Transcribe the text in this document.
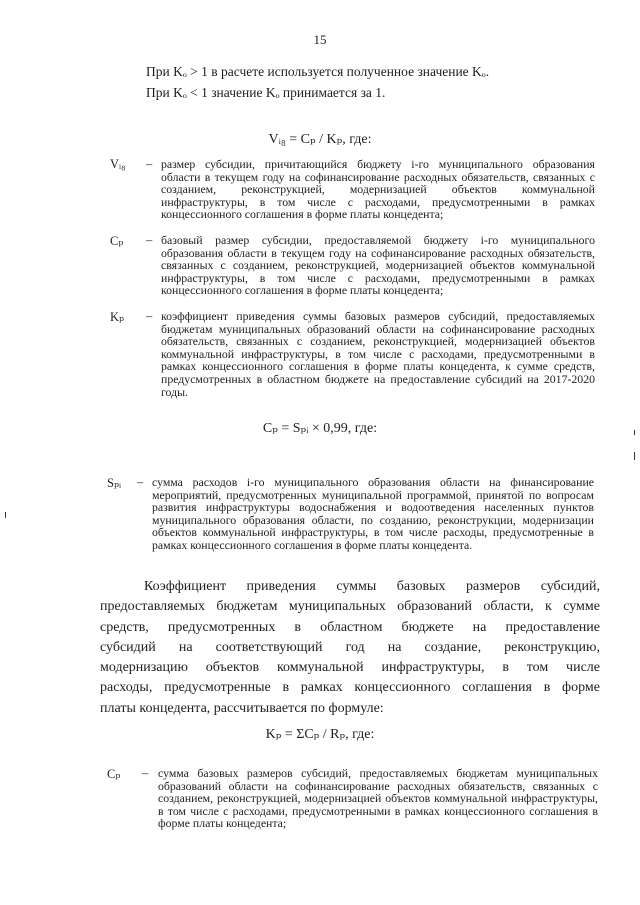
15
При Kₒ > 1 в расчете используется полученное значение Kₒ.
При Kₒ < 1 значение Kₒ принимается за 1.
Vᵢ₈ = Cₚ / Kₚ, где:
Vᵢ₈ – размер субсидии, причитающийся бюджету i-го муниципального образования области в текущем году на софинансирование расходных обязательств, связанных с созданием, реконструкцией, модернизацией объектов коммунальной инфраструктуры, в том числе с расходами, предусмотренными в рамках концессионного соглашения в форме платы концедента;
Cₚ – базовый размер субсидии, предоставляемой бюджету i-го муниципального образования области в текущем году на софинансирование расходных обязательств, связанных с созданием, реконструкцией, модернизацией объектов коммунальной инфраструктуры, в том числе с расходами, предусмотренными в рамках концессионного соглашения в форме платы концедента;
Kₚ – коэффициент приведения суммы базовых размеров субсидий, предоставляемых бюджетам муниципальных образований области на софинансирование расходных обязательств, связанных с созданием, реконструкцией, модернизацией объектов коммунальной инфраструктуры, в том числе с расходами, предусмотренными в рамках концессионного соглашения в форме платы концедента, к сумме средств, предусмотренных в областном бюджете на предоставление субсидий на 2017-2020 годы.
Cₚ = Sₚᵢ × 0,99, где:
Sₚᵢ – сумма расходов i-го муниципального образования области на финансирование мероприятий, предусмотренных муниципальной программой, принятой по вопросам развития инфраструктуры водоснабжения и водоотведения населенных пунктов муниципального образования области, по созданию, реконструкции, модернизации объектов коммунальной инфраструктуры, в том числе расходы, предусмотренные в рамках концессионного соглашения в форме платы концедента.
Коэффициент приведения суммы базовых размеров субсидий,
предоставляемых бюджетам муниципальных образований области, к сумме
средств, предусмотренных в областном бюджете на предоставление
субсидий на соответствующий год на создание, реконструкцию,
модернизацию объектов коммунальной инфраструктуры, в том числе
расходы, предусмотренные в рамках концессионного соглашения в форме
платы концедента, рассчитывается по формуле:
Kₚ = ΣCₚ / Rₚ, где:
Cₚ – сумма базовых размеров субсидий, предоставляемых бюджетам муниципальных образований области на софинансирование расходных обязательств, связанных с созданием, реконструкцией, модернизацией объектов коммунальной инфраструктуры, в том числе с расходами, предусмотренными в рамках концессионного соглашения в форме платы концедента;
